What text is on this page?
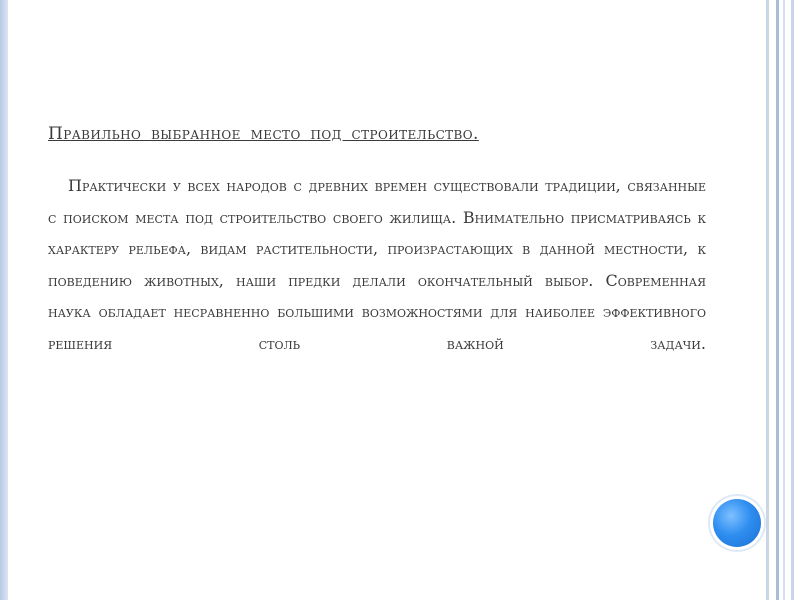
Правильно выбранное место под строительство.

Практически у всех народов с древних времен существовали традиции, связанные с поиском места под строительство своего жилища. Внимательно присматриваясь к характеру рельефа, видам растительности, произрастающих в данной местности, к поведению животных, наши предки делали окончательный выбор. Современная наука обладает несравненно большими возможностями для наиболее эффективного решения столь важной задачи.
